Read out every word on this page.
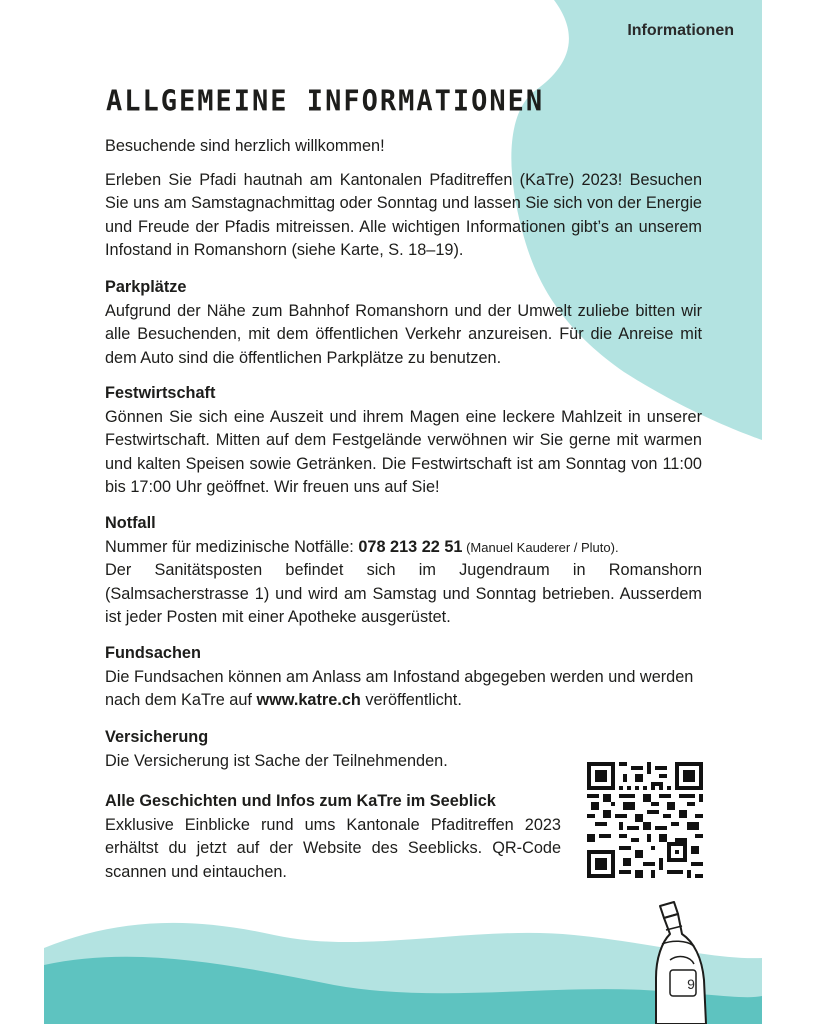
Informationen
ALLGEMEINE INFORMATIONEN

Besuchende sind herzlich willkommen!

Erleben Sie Pfadi hautnah am Kantonalen Pfaditreffen (KaTre) 2023! Besuchen Sie uns am Samstagnachmittag oder Sonntag und lassen Sie sich von der Energie und Freude der Pfadis mitreissen. Alle wichtigen Informationen gibt’s an unserem Infostand in Romanshorn (siehe Karte, S. 18–19).

Parkplätze
Aufgrund der Nähe zum Bahnhof Romanshorn und der Umwelt zuliebe bitten wir alle Besuchenden, mit dem öffentlichen Verkehr anzureisen. Für die Anreise mit dem Auto sind die öffentlichen Parkplätze zu benutzen.
Festwirtschaft
Gönnen Sie sich eine Auszeit und ihrem Magen eine leckere Mahlzeit in unserer Festwirtschaft. Mitten auf dem Festgelände verwöhnen wir Sie gerne mit warmen und kalten Speisen sowie Getränken. Die Festwirtschaft ist am Sonntag von 11:00 bis 17:00 Uhr geöffnet. Wir freuen uns auf Sie!
Notfall
Nummer für medizinische Notfälle: 078 213 22 51 (Manuel Kauderer / Pluto).
Der Sanitätsposten befindet sich im Jugendraum in Romanshorn (Salmsacherstrasse 1) und wird am Samstag und Sonntag betrieben. Ausserdem ist jeder Posten mit einer Apotheke ausgerüstet.
Fundsachen
Die Fundsachen können am Anlass am Infostand abgegeben werden und werden nach dem KaTre auf www.katre.ch veröffentlicht.
Versicherung
Die Versicherung ist Sache der Teilnehmenden.
Alle Geschichten und Infos zum KaTre im Seeblick
Exklusive Einblicke rund ums Kantonale Pfaditreffen 2023 erhältst du jetzt auf der Website des Seeblicks. QR-Code scannen und eintauchen.
9
